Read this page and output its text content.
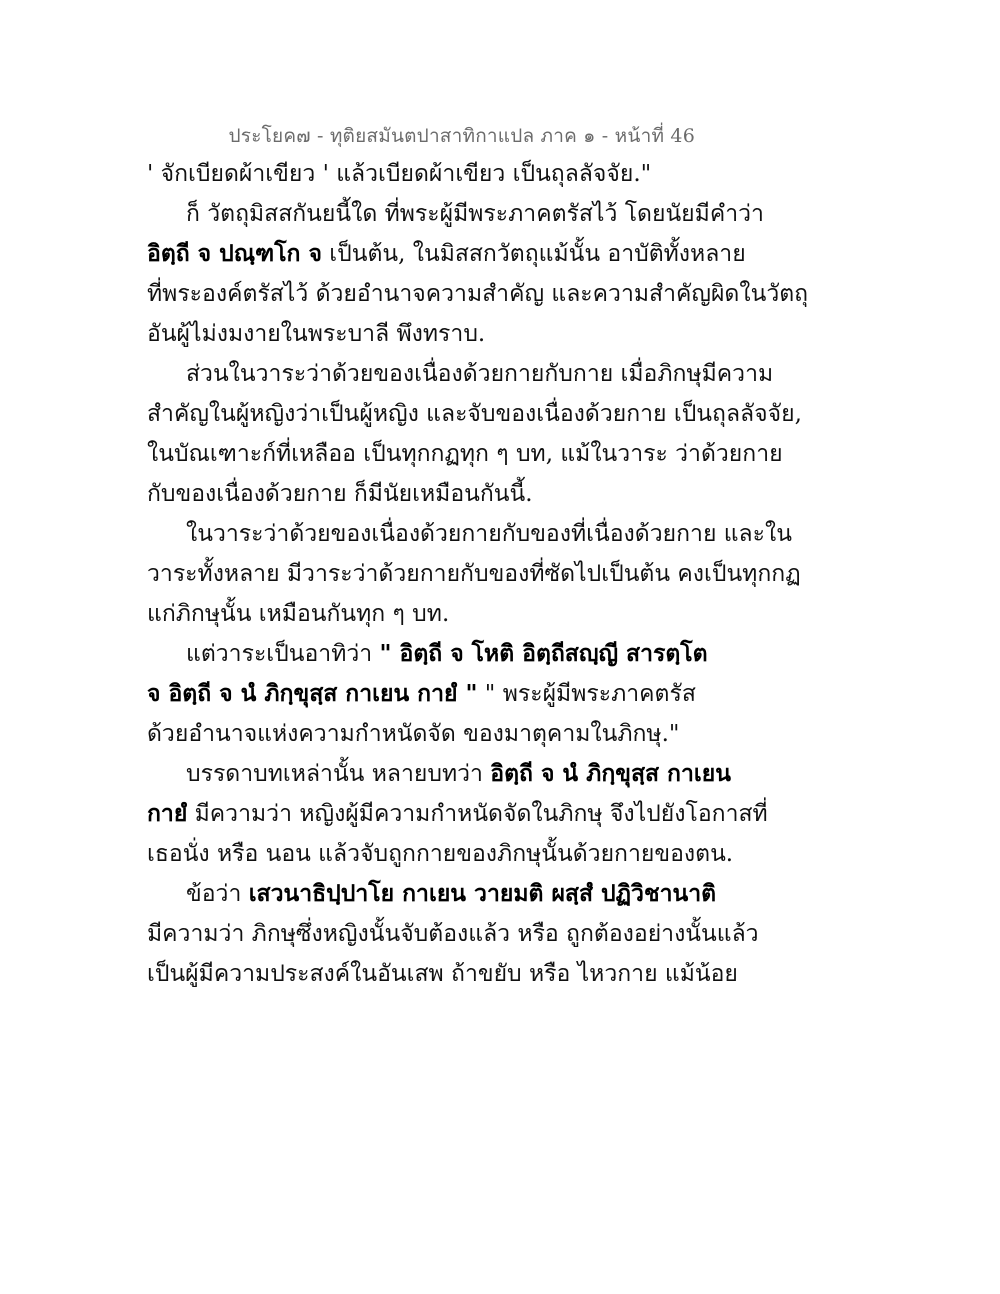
ประโยค๗ - ทุติยสมันตปาสาทิกาแปล ภาค ๑ - หน้าที่ 46
' จักเบียดผ้าเขียว ' แล้วเบียดผ้าเขียว เป็นถุลลัจจัย."
ก็ วัตถุมิสสกันยนี้ใด ที่พระผู้มีพระภาคตรัสไว้ โดยนัยมีคำว่า
อิตฺถี จ ปณฺฑโก จ เป็นต้น, ในมิสสกวัตถุแม้นั้น อาบัติทั้งหลาย
ที่พระองค์ตรัสไว้ ด้วยอำนาจความสำคัญ และความสำคัญผิดในวัตถุ
อันผู้ไม่งมงายในพระบาลี พึงทราบ.
ส่วนในวาระว่าด้วยของเนื่องด้วยกายกับกาย เมื่อภิกษุมีความ
สำคัญในผู้หญิงว่าเป็นผู้หญิง และจับของเนื่องด้วยกาย เป็นถุลลัจจัย,
ในบัณเฑาะก์ที่เหลืออ เป็นทุกกฏทุก ๆ บท, แม้ในวาระ ว่าด้วยกาย
กับของเนื่องด้วยกาย ก็มีนัยเหมือนกันนี้.
ในวาระว่าด้วยของเนื่องด้วยกายกับของที่เนื่องด้วยกาย และใน
วาระทั้งหลาย มีวาระว่าด้วยกายกับของที่ซัดไปเป็นต้น คงเป็นทุกกฏ
แก่ภิกษุนั้น เหมือนกันทุก ๆ บท.
แต่วาระเป็นอาทิว่า " อิตฺถี จ โหติ อิตฺถีสญฺญี สารตฺโต
จ อิตฺถี จ นํ ภิกฺขุสฺส กาเยน กายํ " " พระผู้มีพระภาคตรัส
ด้วยอำนาจแห่งความกำหนัดจัด ของมาตุคามในภิกษุ."
บรรดาบทเหล่านั้น หลายบทว่า อิตฺถี จ นํ ภิกฺขุสฺส กาเยน
กายํ มีความว่า หญิงผู้มีความกำหนัดจัดในภิกษุ จึงไปยังโอกาสที่
เธอนั่ง หรือ นอน แล้วจับถูกกายของภิกษุนั้นด้วยกายของตน.
ข้อว่า เสวนาธิปฺปาโย กาเยน วายมติ ผสฺสํ ปฏิวิชานาติ
มีความว่า ภิกษุซึ่งหญิงนั้นจับต้องแล้ว หรือ ถูกต้องอย่างนั้นแล้ว
เป็นผู้มีความประสงค์ในอันเสพ ถ้าขยับ หรือ ไหวกาย แม้น้อย
